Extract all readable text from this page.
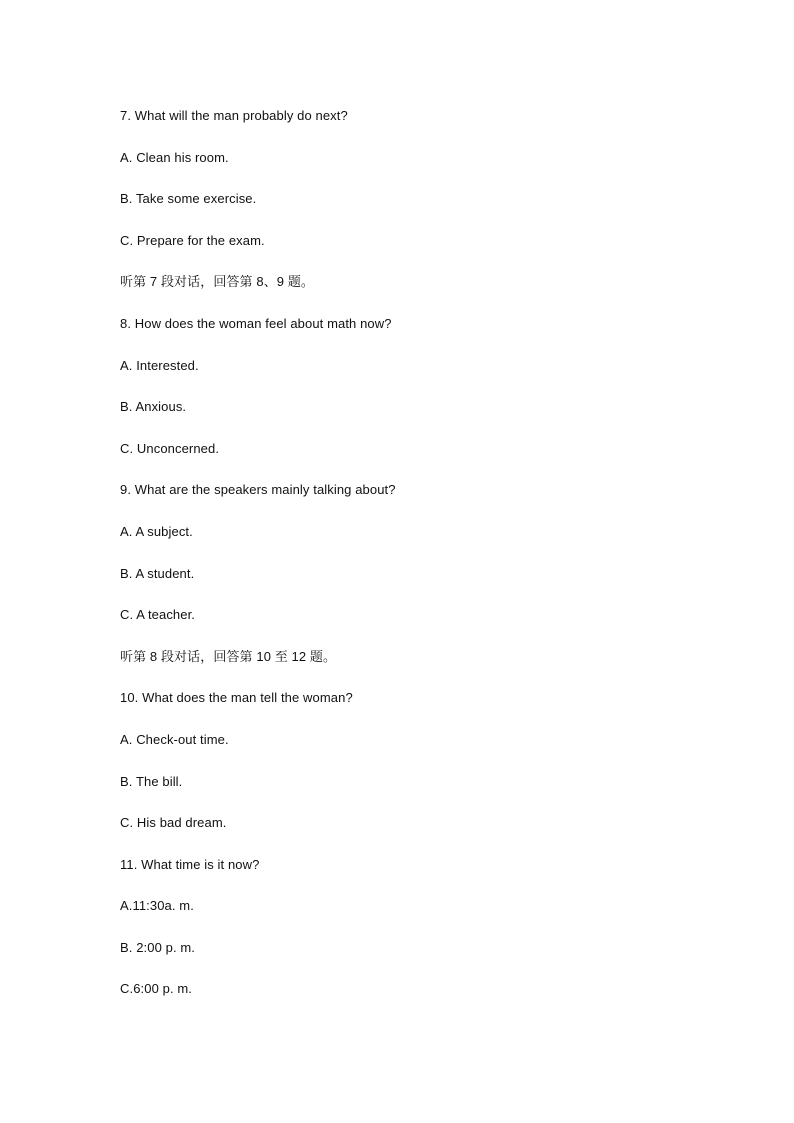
7. What will the man probably do next?
A. Clean his room.
B. Take some exercise.
C. Prepare for the exam.
听第 7 段对话，回答第 8、9 题。
8. How does the woman feel about math now?
A. Interested.
B. Anxious.
C. Unconcerned.
9. What are the speakers mainly talking about?
A. A subject.
B. A student.
C. A teacher.
听第 8 段对话，回答第 10 至 12 题。
10. What does the man tell the woman?
A. Check-out time.
B. The bill.
C. His bad dream.
11. What time is it now?
A.11:30a. m.
B. 2:00 p. m.
C.6:00 p. m.
